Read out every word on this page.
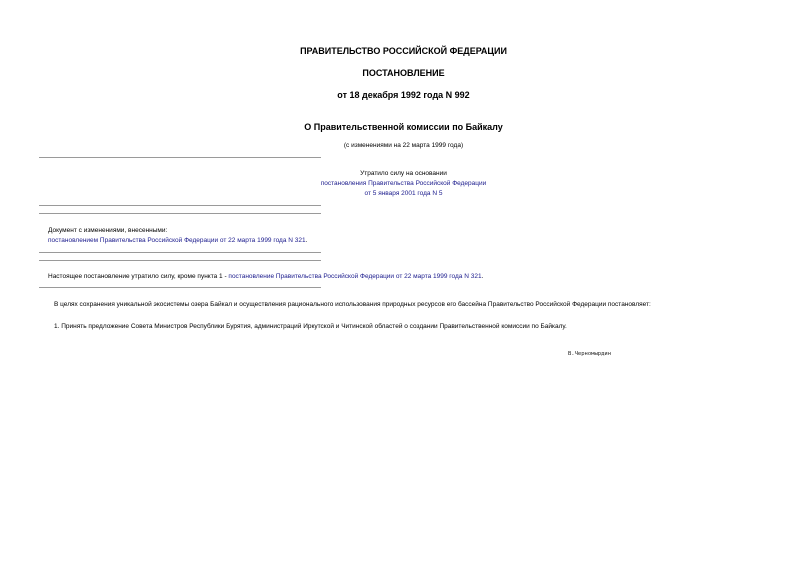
ПРАВИТЕЛЬСТВО РОССИЙСКОЙ ФЕДЕРАЦИИ
ПОСТАНОВЛЕНИЕ
от 18 декабря 1992 года N 992
О Правительственной комиссии по Байкалу
(с изменениями на 22 марта 1999 года)
Утратило силу на основании
постановления Правительства Российской Федерации
от 5 января 2001 года N 5
Документ с изменениями, внесенными:
постановлением Правительства Российской Федерации от 22 марта 1999 года N 321.
Настоящее постановление утратило силу, кроме пункта 1 - постановление Правительства Российской Федерации от 22 марта 1999 года N 321.
В целях сохранения уникальной экосистемы озера Байкал и осуществления рационального использования природных ресурсов его бассейна Правительство Российской Федерации постановляет:
1. Принять предложение Совета Министров Республики Бурятия, администраций Иркутской и Читинской областей о создании Правительственной комиссии по Байкалу.
В.Черномырдин
